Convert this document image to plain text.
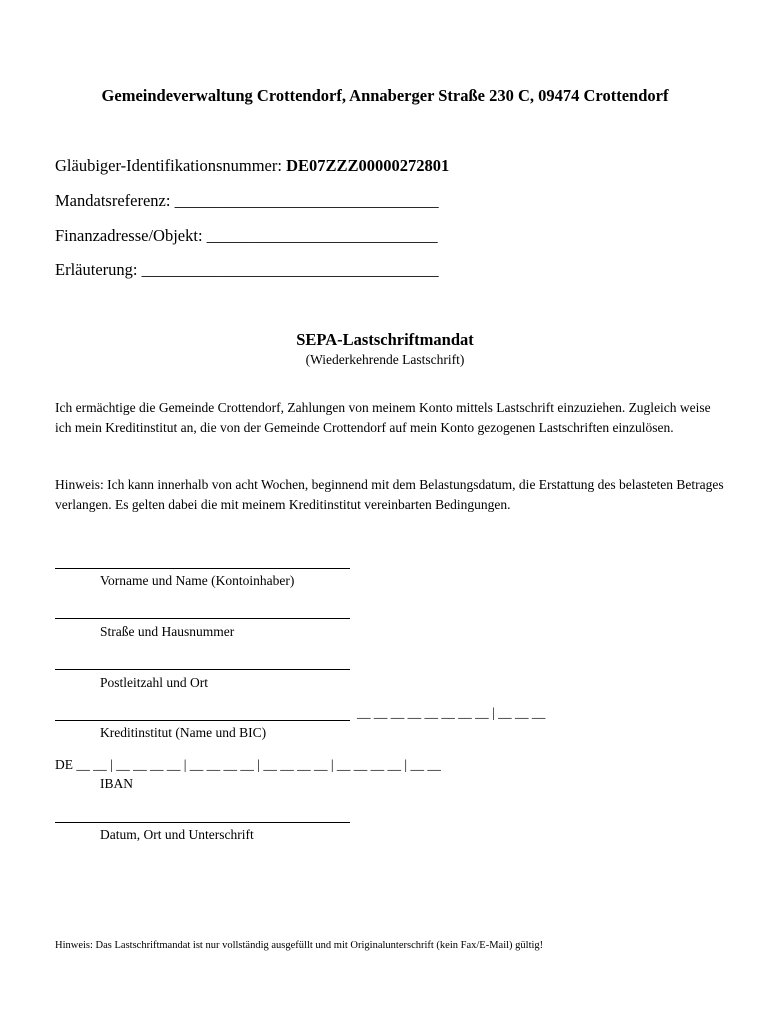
Gemeindeverwaltung Crottendorf, Annaberger Straße 230 C, 09474 Crottendorf
Gläubiger-Identifikationsnummer: DE07ZZZ00000272801
Mandatsreferenz: ________________________________
Finanzadresse/Objekt: ____________________________
Erläuterung: ____________________________________
SEPA-Lastschriftmandat
(Wiederkehrende Lastschrift)
Ich ermächtige die Gemeinde Crottendorf, Zahlungen von meinem Konto mittels Lastschrift einzuziehen. Zugleich weise ich mein Kreditinstitut an, die von der Gemeinde Crottendorf auf mein Konto gezogenen Lastschriften einzulösen.
Hinweis: Ich kann innerhalb von acht Wochen, beginnend mit dem Belastungsdatum, die Erstattung des belasteten Betrages verlangen. Es gelten dabei die mit meinem Kreditinstitut vereinbarten Bedingungen.
Vorname und Name (Kontoinhaber)
Straße und Hausnummer
Postleitzahl und Ort
__ __ __ __ __ __ __ __ | __ __ __
Kreditinstitut (Name und BIC)
DE __ __ | __ __ __ __ | __ __ __ __ | __ __ __ __ | __ __ __ __ | __ __
IBAN
Datum, Ort und Unterschrift
Hinweis: Das Lastschriftmandat ist nur vollständig ausgefüllt und mit Originalunterschrift (kein Fax/E-Mail) gültig!
